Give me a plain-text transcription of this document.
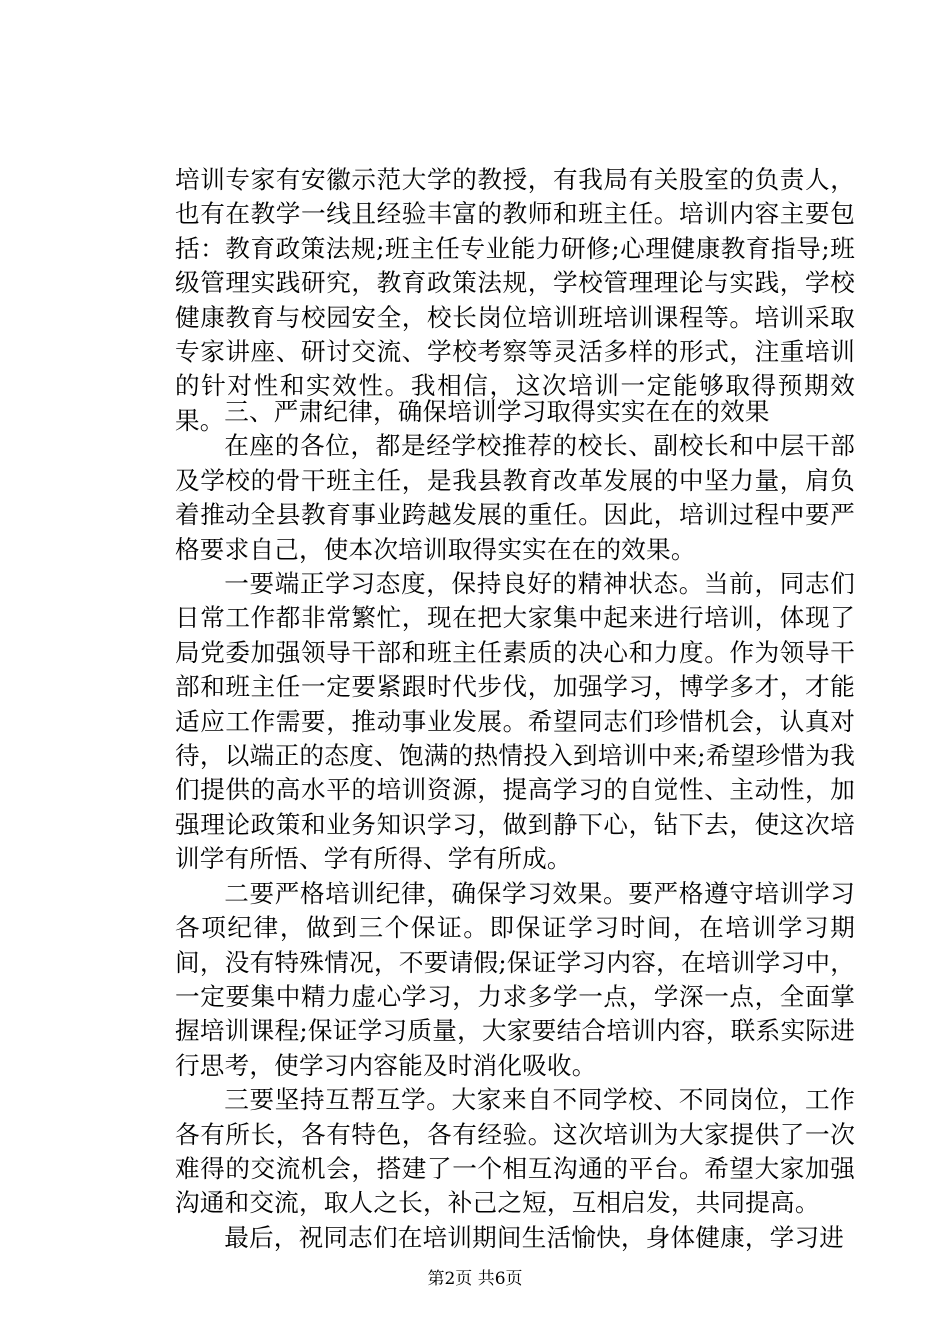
培训专家有安徽示范大学的教授，有我局有关股室的负责人，也有在教学一线且经验丰富的教师和班主任。培训内容主要包括：教育政策法规;班主任专业能力研修;心理健康教育指导;班级管理实践研究，教育政策法规，学校管理理论与实践，学校健康教育与校园安全，校长岗位培训班培训课程等。培训采取专家讲座、研讨交流、学校考察等灵活多样的形式，注重培训的针对性和实效性。我相信，这次培训一定能够取得预期效果。 三、严肃纪律，确保培训学习取得实实在在的效果

在座的各位，都是经学校推荐的校长、副校长和中层干部及学校的骨干班主任，是我县教育改革发展的中坚力量，肩负着推动全县教育事业跨越发展的重任。因此，培训过程中要严格要求自己，使本次培训取得实实在在的效果。

一要端正学习态度，保持良好的精神状态。当前，同志们日常工作都非常繁忙，现在把大家集中起来进行培训，体现了局党委加强领导干部和班主任素质的决心和力度。作为领导干部和班主任一定要紧跟时代步伐，加强学习，博学多才，才能适应工作需要，推动事业发展。希望同志们珍惜机会，认真对待，以端正的态度、饱满的热情投入到培训中来;希望珍惜为我们提供的高水平的培训资源，提高学习的自觉性、主动性，加强理论政策和业务知识学习，做到静下心，钻下去，使这次培训学有所悟、学有所得、学有所成。

二要严格培训纪律，确保学习效果。要严格遵守培训学习各项纪律，做到三个保证。即保证学习时间，在培训学习期间，没有特殊情况，不要请假;保证学习内容，在培训学习中，一定要集中精力虚心学习，力求多学一点，学深一点，全面掌握培训课程;保证学习质量，大家要结合培训内容，联系实际进行思考，使学习内容能及时消化吸收。

三要坚持互帮互学。大家来自不同学校、不同岗位，工作各有所长，各有特色，各有经验。这次培训为大家提供了一次难得的交流机会，搭建了一个相互沟通的平台。希望大家加强沟通和交流，取人之长，补己之短，互相启发，共同提高。

最后，祝同志们在培训期间生活愉快，身体健康，学习进

第2页 共6页
